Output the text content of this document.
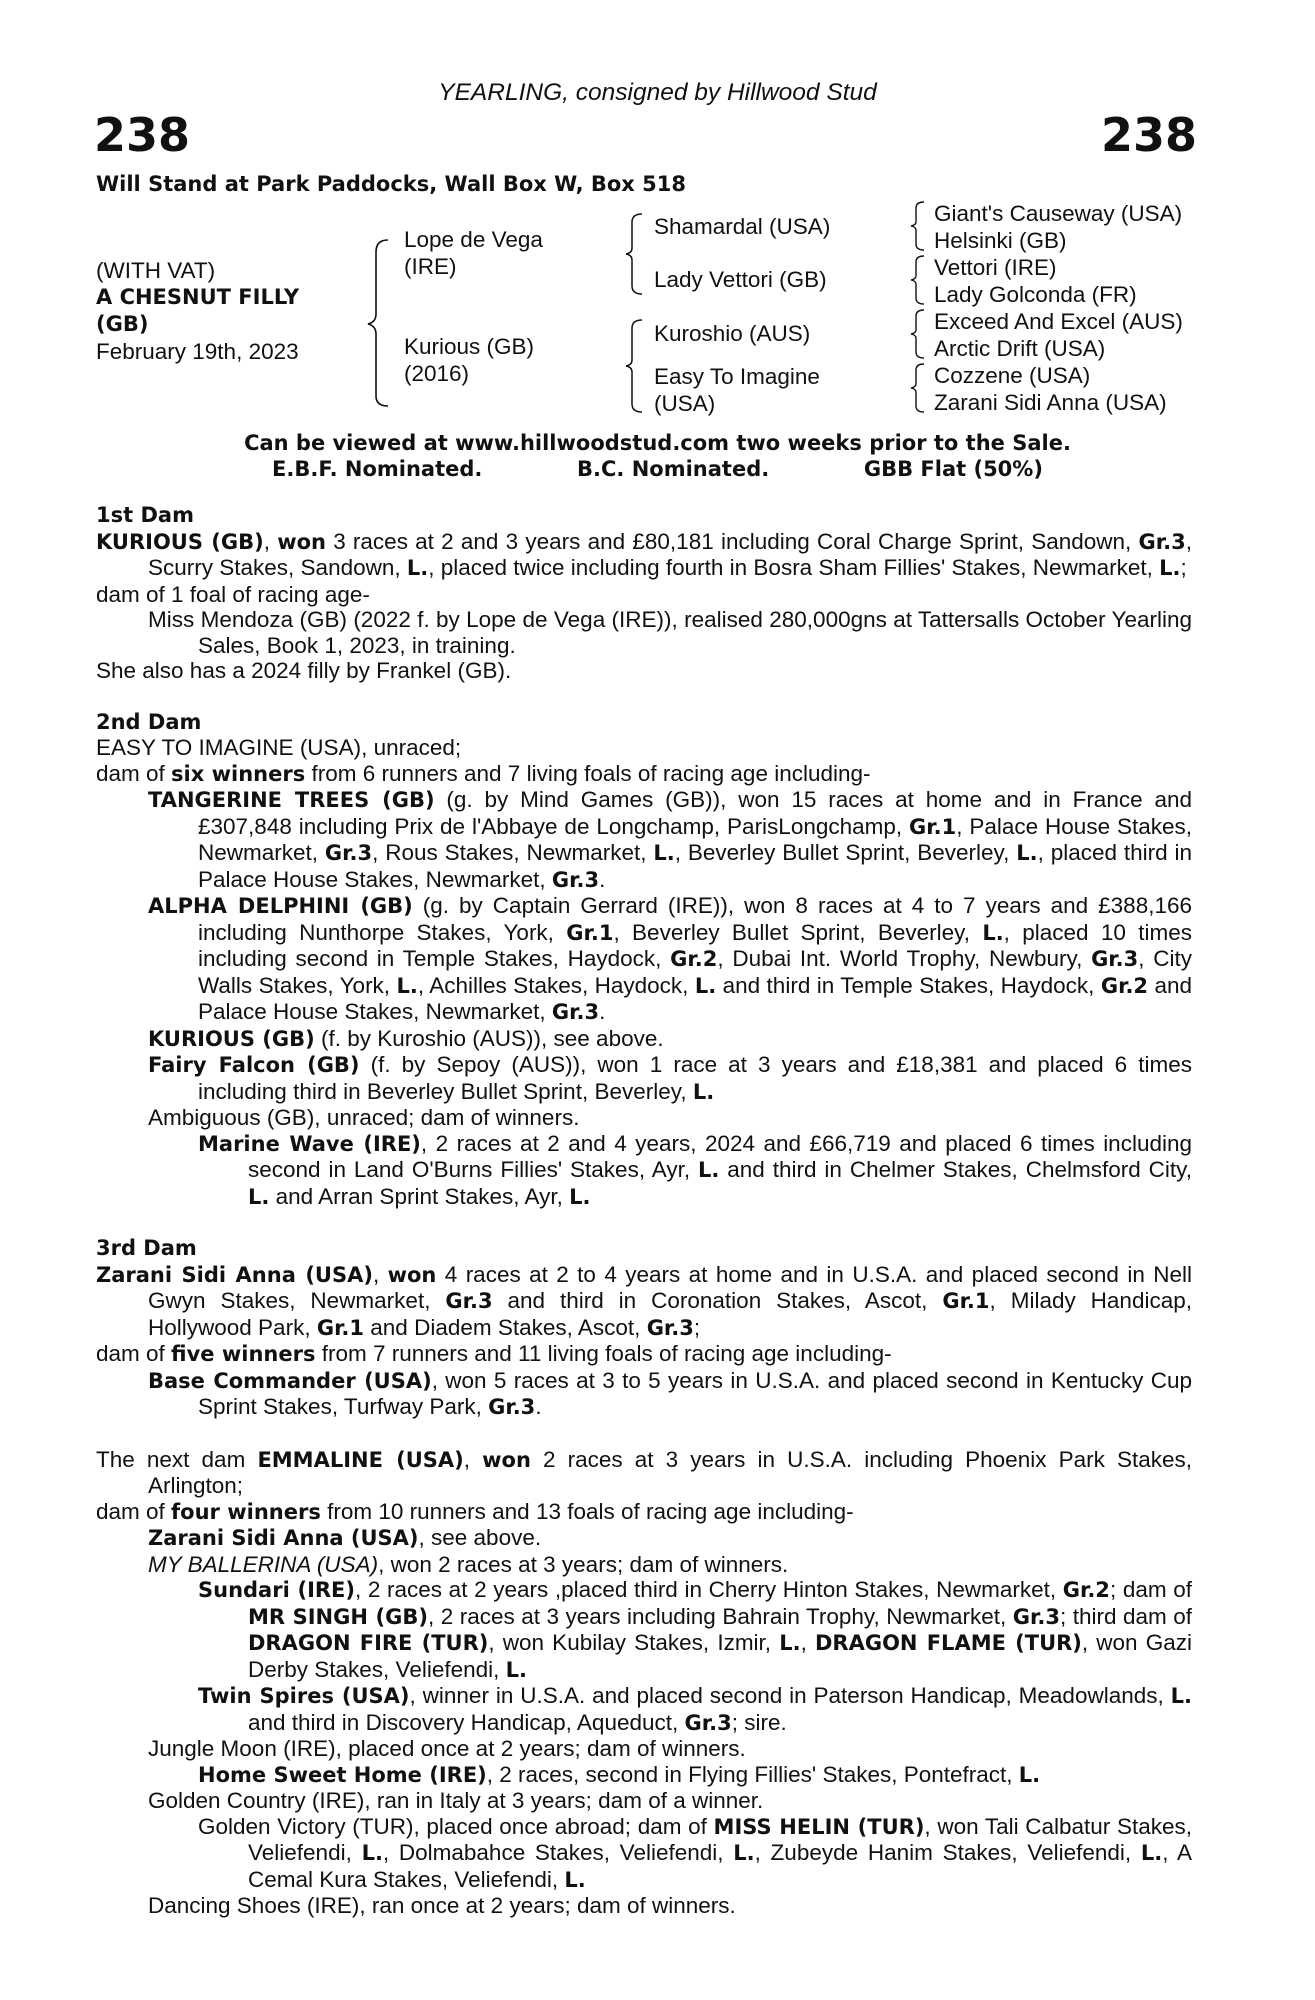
YEARLING, consigned by Hillwood Stud
238	238
Will Stand at Park Paddocks, Wall Box W, Box 518
(WITH VAT)
A CHESNUT FILLY
(GB)
February 19th, 2023
Lope de Vega
(IRE)
Kurious (GB)
(2016)
Shamardal (USA)
Lady Vettori (GB)
Kuroshio (AUS)
Easy To Imagine
(USA)
Giant's Causeway (USA)
Helsinki (GB)
Vettori (IRE)
Lady Golconda (FR)
Exceed And Excel (AUS)
Arctic Drift (USA)
Cozzene (USA)
Zarani Sidi Anna (USA)
Can be viewed at www.hillwoodstud.com two weeks prior to the Sale.
E.B.F. Nominated.	B.C. Nominated.	GBB Flat (50%)
1st Dam

KURIOUS (GB), won 3 races at 2 and 3 years and £80,181 including Coral Charge Sprint, Sandown, Gr.3, Scurry Stakes, Sandown, L., placed twice including fourth in Bosra Sham Fillies' Stakes, Newmarket, L.;

dam of 1 foal of racing age-

Miss Mendoza (GB) (2022 f. by Lope de Vega (IRE)), realised 280,000gns at Tattersalls October Yearling Sales, Book 1, 2023, in training.

She also has a 2024 filly by Frankel (GB).

2nd Dam

EASY TO IMAGINE (USA), unraced;

dam of six winners from 6 runners and 7 living foals of racing age including-

TANGERINE TREES (GB) (g. by Mind Games (GB)), won 15 races at home and in France and £307,848 including Prix de l'Abbaye de Longchamp, ParisLongchamp, Gr.1, Palace House Stakes, Newmarket, Gr.3, Rous Stakes, Newmarket, L., Beverley Bullet Sprint, Beverley, L., placed third in Palace House Stakes, Newmarket, Gr.3.

ALPHA DELPHINI (GB) (g. by Captain Gerrard (IRE)), won 8 races at 4 to 7 years and £388,166 including Nunthorpe Stakes, York, Gr.1, Beverley Bullet Sprint, Beverley, L., placed 10 times including second in Temple Stakes, Haydock, Gr.2, Dubai Int. World Trophy, Newbury, Gr.3, City Walls Stakes, York, L., Achilles Stakes, Haydock, L. and third in Temple Stakes, Haydock, Gr.2 and Palace House Stakes, Newmarket, Gr.3.

KURIOUS (GB) (f. by Kuroshio (AUS)), see above.

Fairy Falcon (GB) (f. by Sepoy (AUS)), won 1 race at 3 years and £18,381 and placed 6 times including third in Beverley Bullet Sprint, Beverley, L.

Ambiguous (GB), unraced; dam of winners.

Marine Wave (IRE), 2 races at 2 and 4 years, 2024 and £66,719 and placed 6 times including second in Land O'Burns Fillies' Stakes, Ayr, L. and third in Chelmer Stakes, Chelmsford City, L. and Arran Sprint Stakes, Ayr, L.

3rd Dam

Zarani Sidi Anna (USA), won 4 races at 2 to 4 years at home and in U.S.A. and placed second in Nell Gwyn Stakes, Newmarket, Gr.3 and third in Coronation Stakes, Ascot, Gr.1, Milady Handicap, Hollywood Park, Gr.1 and Diadem Stakes, Ascot, Gr.3;

dam of five winners from 7 runners and 11 living foals of racing age including-

Base Commander (USA), won 5 races at 3 to 5 years in U.S.A. and placed second in Kentucky Cup Sprint Stakes, Turfway Park, Gr.3.

The next dam EMMALINE (USA), won 2 races at 3 years in U.S.A. including Phoenix Park Stakes, Arlington;

dam of four winners from 10 runners and 13 foals of racing age including-

Zarani Sidi Anna (USA), see above.

MY BALLERINA (USA), won 2 races at 3 years; dam of winners.

Sundari (IRE), 2 races at 2 years ,placed third in Cherry Hinton Stakes, Newmarket, Gr.2; dam of MR SINGH (GB), 2 races at 3 years including Bahrain Trophy, Newmarket, Gr.3; third dam of DRAGON FIRE (TUR), won Kubilay Stakes, Izmir, L., DRAGON FLAME (TUR), won Gazi Derby Stakes, Veliefendi, L.

Twin Spires (USA), winner in U.S.A. and placed second in Paterson Handicap, Meadowlands, L. and third in Discovery Handicap, Aqueduct, Gr.3; sire.

Jungle Moon (IRE), placed once at 2 years; dam of winners.

Home Sweet Home (IRE), 2 races, second in Flying Fillies' Stakes, Pontefract, L.

Golden Country (IRE), ran in Italy at 3 years; dam of a winner.

Golden Victory (TUR), placed once abroad; dam of MISS HELIN (TUR), won Tali Calbatur Stakes, Veliefendi, L., Dolmabahce Stakes, Veliefendi, L., Zubeyde Hanim Stakes, Veliefendi, L., A Cemal Kura Stakes, Veliefendi, L.

Dancing Shoes (IRE), ran once at 2 years; dam of winners.
